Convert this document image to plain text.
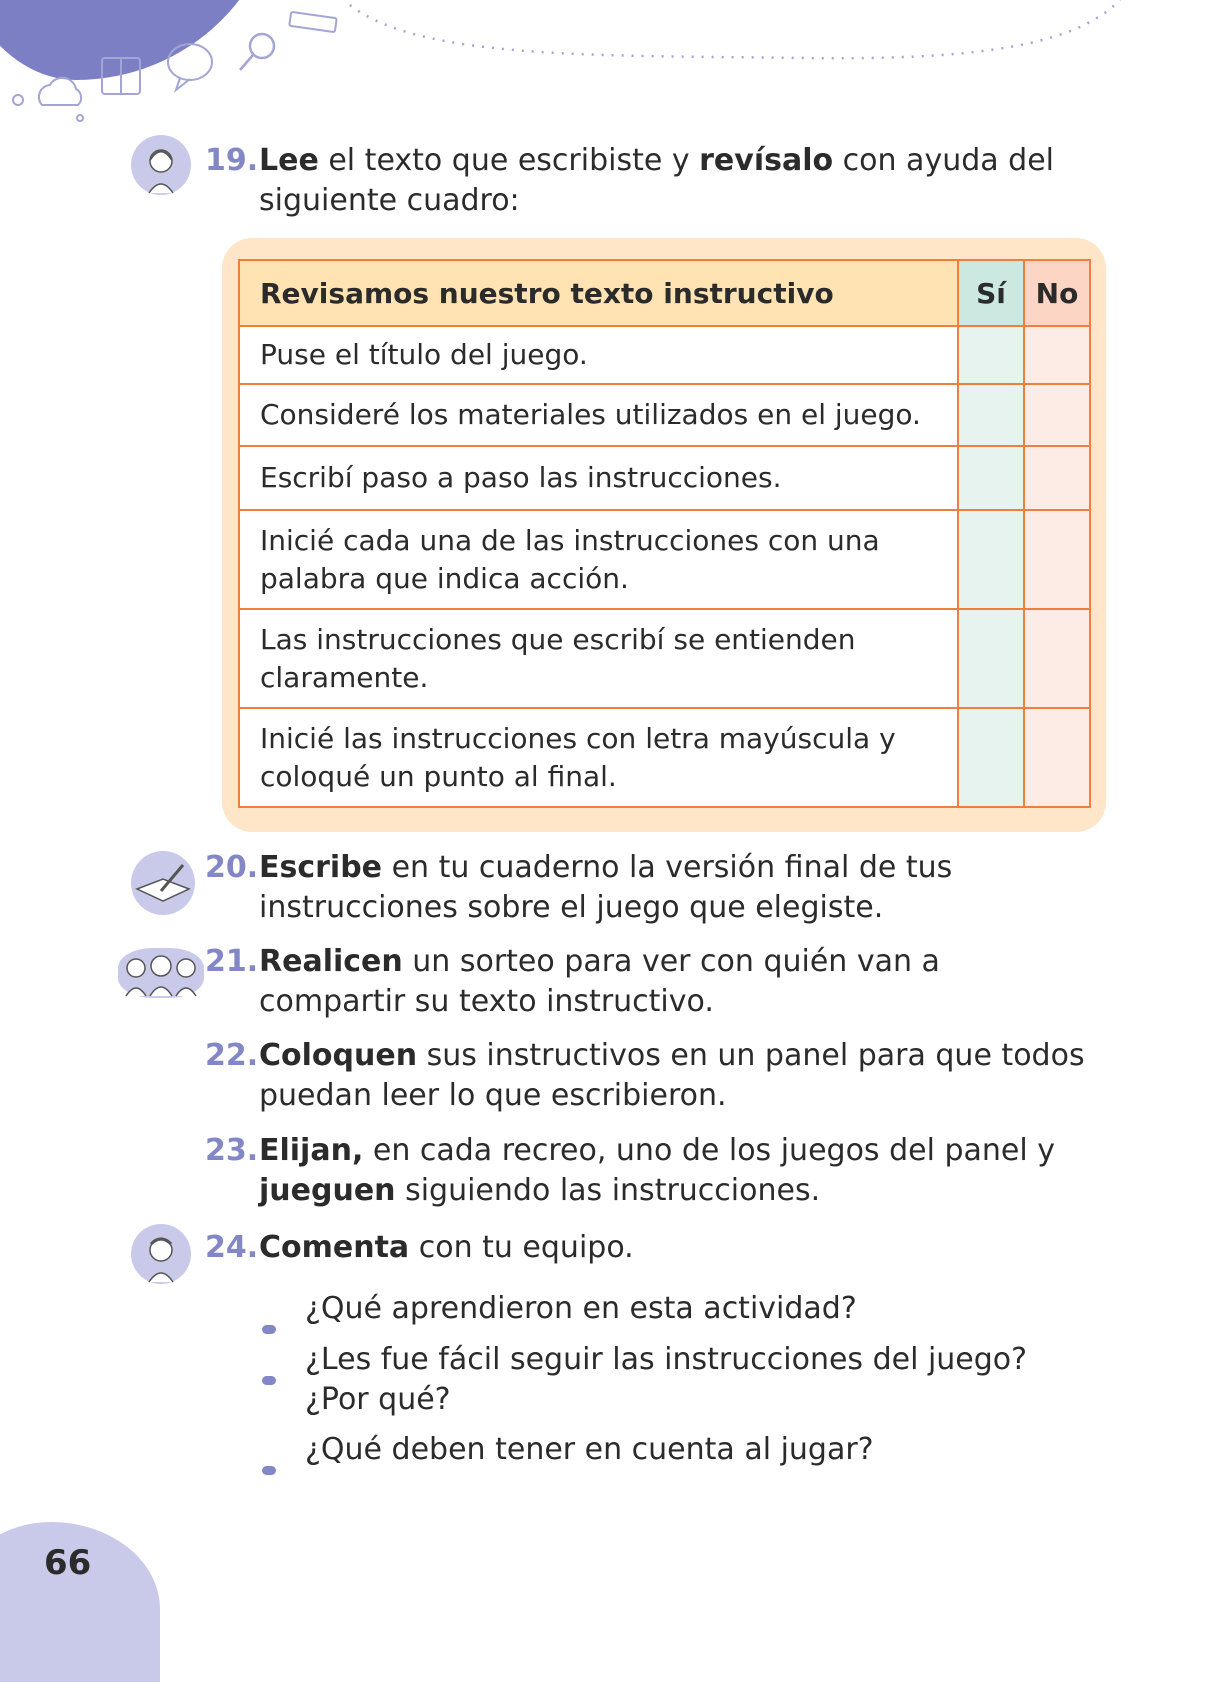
19. Lee el texto que escribiste y revísalo con ayuda del
siguiente cuadro:
Revisamos nuestro texto instructivo	Sí	No
Puse el título del juego.		
Consideré los materiales utilizados en el juego.		
Escribí paso a paso las instrucciones.		
Inicié cada una de las instrucciones con una palabra que indica acción.		
Las instrucciones que escribí se entienden claramente.		
Inicié las instrucciones con letra mayúscula y coloqué un punto al final.		
20. Escribe en tu cuaderno la versión final de tus
instrucciones sobre el juego que elegiste.
21. Realicen un sorteo para ver con quién van a
compartir su texto instructivo.
22. Coloquen sus instructivos en un panel para que todos
puedan leer lo que escribieron.
23. Elijan, en cada recreo, uno de los juegos del panel y
jueguen siguiendo las instrucciones.
24. Comenta con tu equipo.
¿Qué aprendieron en esta actividad?
¿Les fue fácil seguir las instrucciones del juego?
¿Por qué?
¿Qué deben tener en cuenta al jugar?
66
